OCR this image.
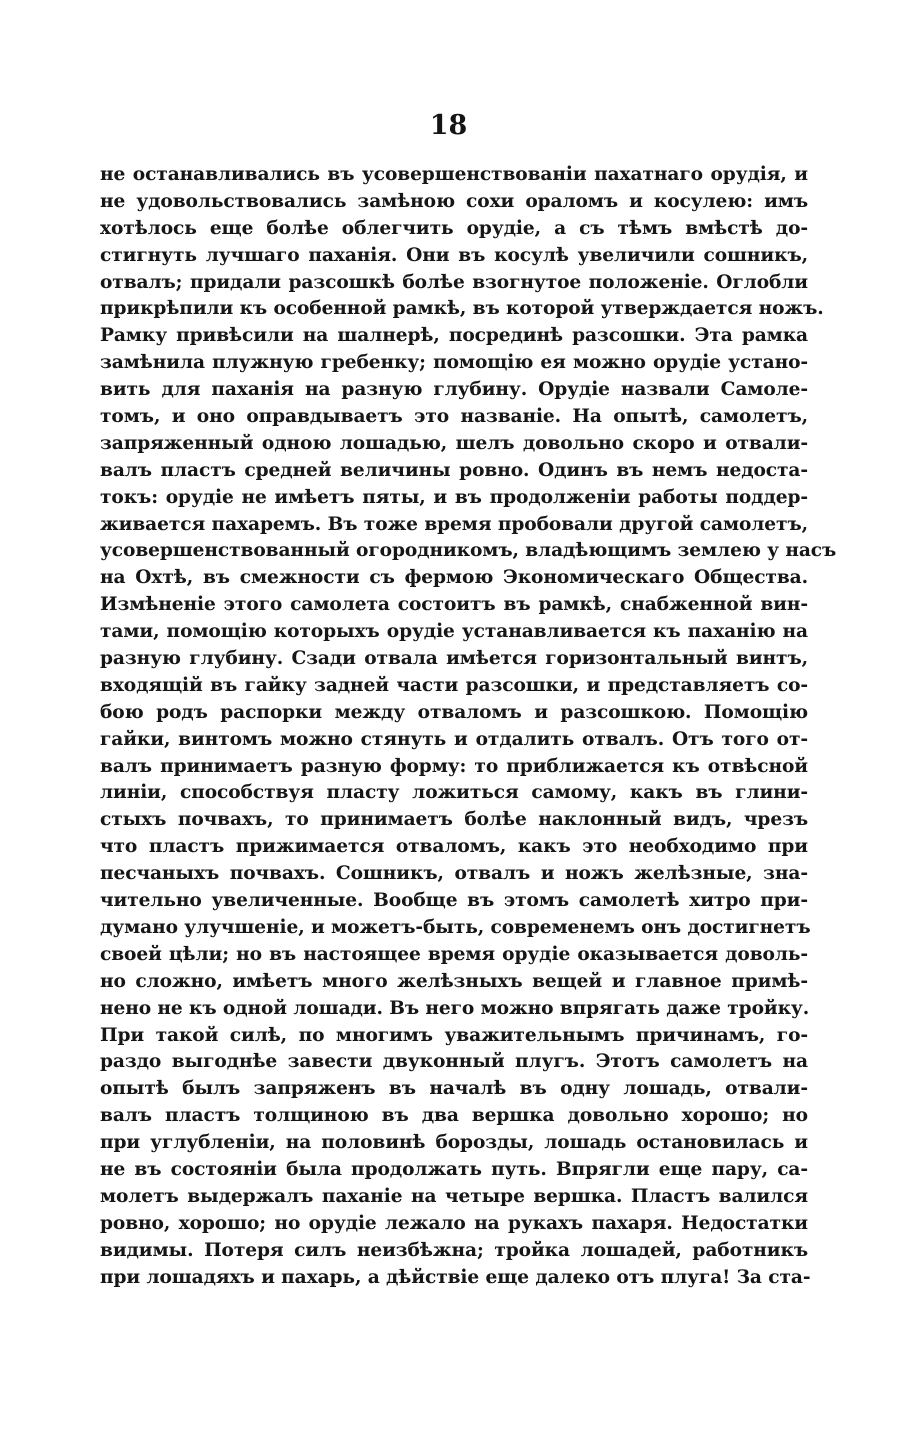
18
не останавливались въ усовершенствованіи пахатнаго орудія, и
не удовольствовались замѣною сохи ораломъ и косулею: имъ
хотѣлось еще болѣе облегчить орудіе, а съ тѣмъ вмѣстѣ до-
стигнуть лучшаго паханія. Они въ косулѣ увеличили сошникъ,
отвалъ; придали разсошкѣ болѣе взогнутое положеніе. Оглобли
прикрѣпили къ особенной рамкѣ, въ которой утверждается ножъ.
Рамку привѣсили на шалнерѣ, посрединѣ разсошки. Эта рамка
замѣнила плужную гребенку; помощію ея можно орудіе устано-
вить для паханія на разную глубину. Орудіе назвали Самоле-
томъ, и оно оправдываетъ это названіе. На опытѣ, самолетъ,
запряженный одною лошадью, шелъ довольно скоро и отвали-
валъ пластъ средней величины ровно. Одинъ въ немъ недоста-
токъ: орудіе не имѣетъ пяты, и въ продолженіи работы поддер-
живается пахаремъ. Въ тоже время пробовали другой самолетъ,
усовершенствованный огородникомъ, владѣющимъ землею у насъ
на Охтѣ, въ смежности съ фермою Экономическаго Общества.
Измѣненіе этого самолета состоитъ въ рамкѣ, снабженной вин-
тами, помощію которыхъ орудіе устанавливается къ паханію на
разную глубину. Сзади отвала имѣется горизонтальный винтъ,
входящій въ гайку задней части разсошки, и представляетъ со-
бою родъ распорки между отваломъ и разсошкою. Помощію
гайки, винтомъ можно стянуть и отдалить отвалъ. Отъ того от-
валъ принимаетъ разную форму: то приближается къ отвѣсной
линіи, способствуя пласту ложиться самому, какъ въ глини-
стыхъ почвахъ, то принимаетъ болѣе наклонный видъ, чрезъ
что пластъ прижимается отваломъ, какъ это необходимо при
песчаныхъ почвахъ. Сошникъ, отвалъ и ножъ желѣзные, зна-
чительно увеличенные. Вообще въ этомъ самолетѣ хитро при-
думано улучшеніе, и можетъ-быть, современемъ онъ достигнетъ
своей цѣли; но въ настоящее время орудіе оказывается доволь-
но сложно, имѣетъ много желѣзныхъ вещей и главное примѣ-
нено не къ одной лошади. Въ него можно впрягать даже тройку.
При такой силѣ, по многимъ уважительнымъ причинамъ, го-
раздо выгоднѣе завести двуконный плугъ. Этотъ самолетъ на
опытѣ былъ запряженъ въ началѣ въ одну лошадь, отвали-
валъ пластъ толщиною въ два вершка довольно хорошо; но
при углубленіи, на половинѣ борозды, лошадь остановилась и
не въ состояніи была продолжать путь. Впрягли еще пару, са-
молетъ выдержалъ паханіе на четыре вершка. Пластъ валился
ровно, хорошо; но орудіе лежало на рукахъ пахаря. Недостатки
видимы. Потеря силъ неизбѣжна; тройка лошадей, работникъ
при лошадяхъ и пахарь, а дѣйствіе еще далеко отъ плуга! За ста-
